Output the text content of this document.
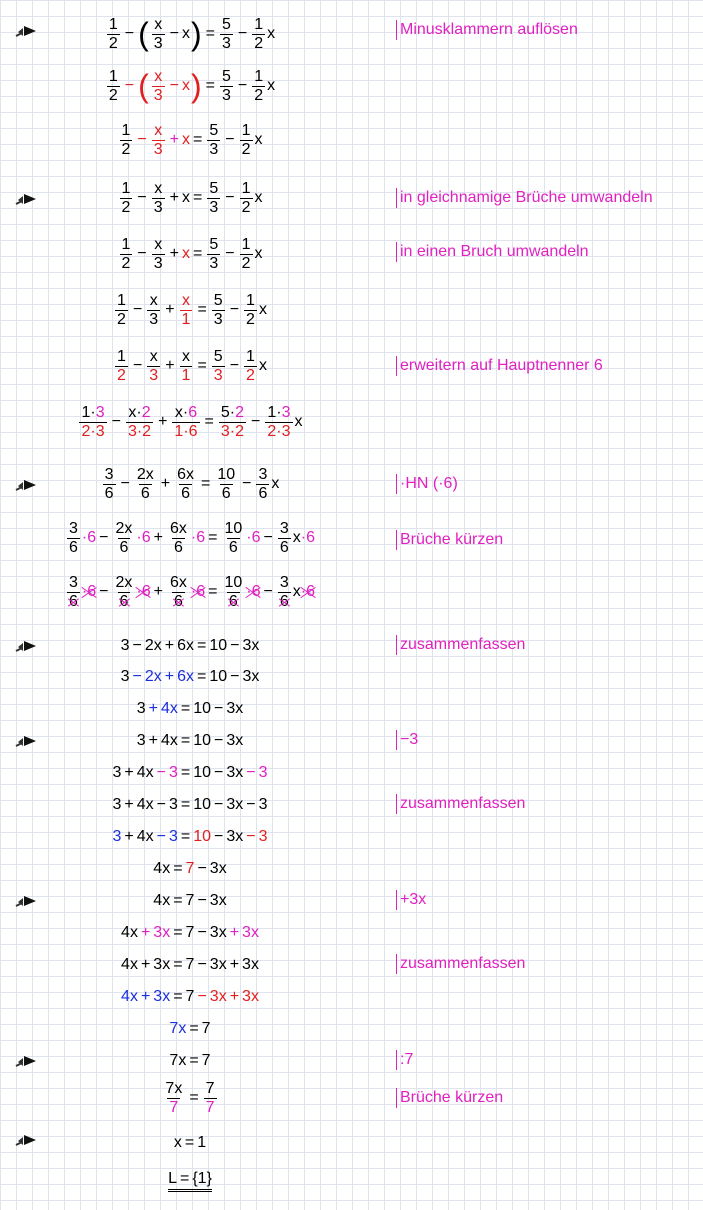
$\frac{1}{2}$ − ( $\frac{x}{3} - x$ ) = $\frac{5}{3} - \frac{1}{2}$ x	Minusklammern auflösen
$\frac{1}{2}$ − ( $\frac{x}{3} - x$ ) = $\frac{5}{3} - \frac{1}{2}$ x
$\frac{1}{2} - \frac{x}{3} + x = \frac{5}{3} - \frac{1}{2}$ x
$\frac{1}{2} - \frac{x}{3} + x = \frac{5}{3} - \frac{1}{2}$ x	in gleichnamige Brüche umwandeln
$\frac{1}{2} - \frac{x}{3} + x = \frac{5}{3} - \frac{1}{2}$ x	in einen Bruch umwandeln
$\frac{1}{2} - \frac{x}{3} + \frac{x}{1} = \frac{5}{3} - \frac{1}{2}$ x
$\frac{1}{2} - \frac{x}{3} + \frac{x}{1} = \frac{5}{3} - \frac{1}{2}$ x	erweitern auf Hauptnenner 6
$\frac{1\cdot 3}{2\cdot 3} - \frac{x\cdot 2}{3\cdot 2} + \frac{x\cdot 6}{1\cdot 6} = \frac{5\cdot 2}{3\cdot 2} - \frac{1\cdot 3}{2\cdot 3}$ x
$\frac{3}{6} - \frac{2x}{6} + \frac{6x}{6} = \frac{10}{6} - \frac{3}{6}$ x	·HN (·6)
$\frac{3}{6} \cdot 6 - \frac{2x}{6} \cdot 6 + \frac{6x}{6} \cdot 6 = \frac{10}{6} \cdot 6 - \frac{3}{6}$ x ·6	Brüche kürzen
$\frac{3}{6} \cdot 6 - \frac{2x}{6} \cdot 6 + \frac{6x}{6} \cdot 6 = \frac{10}{6} \cdot 6 - \frac{3}{6}$ x ·6
3 − 2x + 6x = 10 − 3x	zusammenfassen
3 − 2x + 6x = 10 − 3x
3 + 4x = 10 − 3x
3 + 4x = 10 − 3x	−3
3 + 4x − 3 = 10 − 3x − 3
3 + 4x − 3 = 10 − 3x − 3	zusammenfassen
3 + 4x − 3 = 10 − 3x − 3
4x = 7 − 3x
4x = 7 − 3x	+3x
4x + 3x = 7 − 3x + 3x
4x + 3x = 7 − 3x + 3x	zusammenfassen
4x + 3x = 7 − 3x + 3x
7x = 7
7x = 7	:7
$\frac{7x}{7} = \frac{7}{7}$	Brüche kürzen
x = 1
L = {1}
